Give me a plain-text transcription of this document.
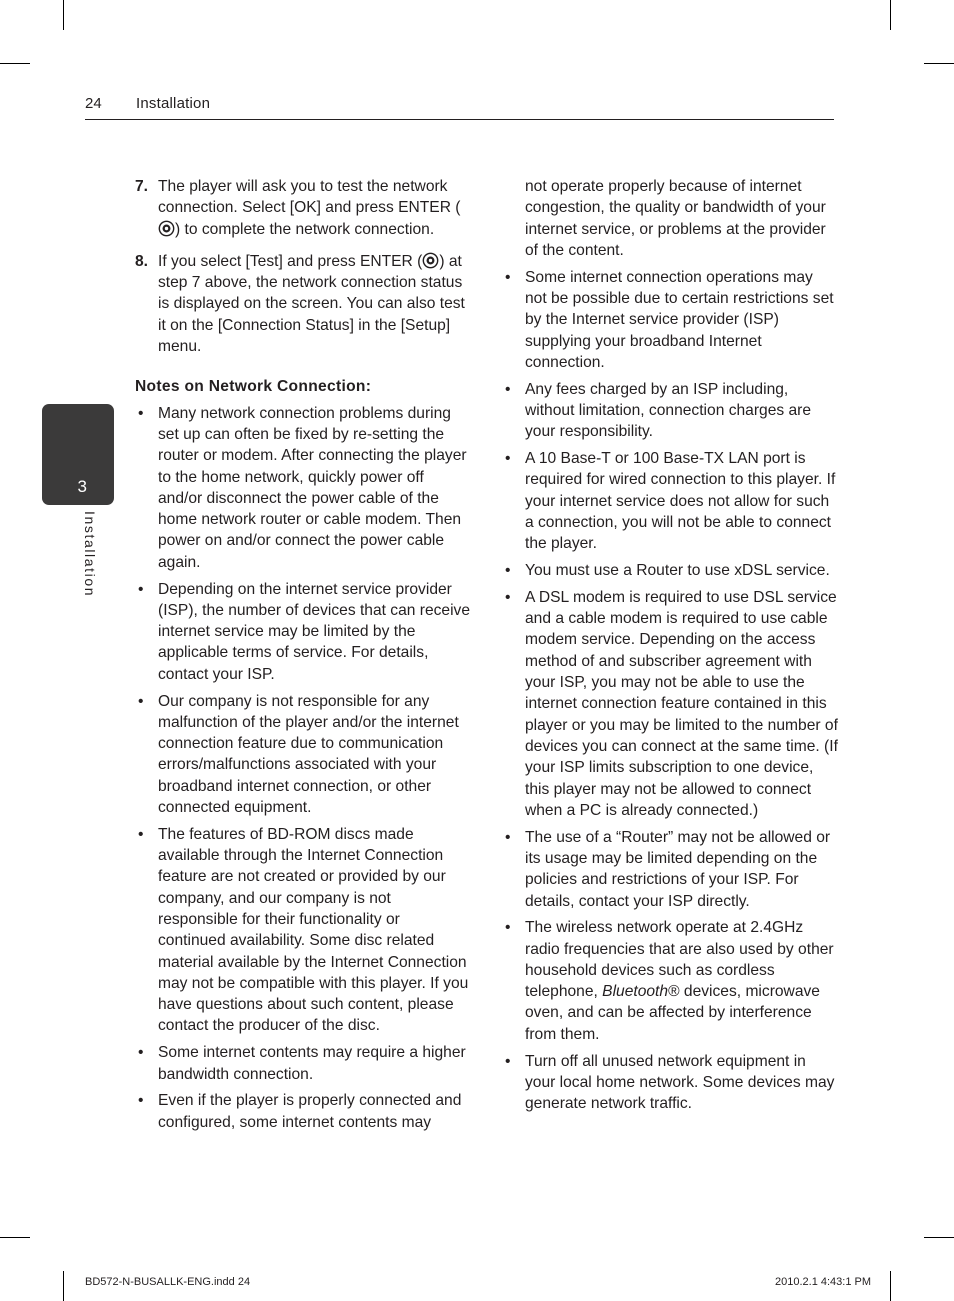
24 Installation
3
Installation
7. The player will ask you to test the network connection. Select [OK] and press ENTER () to complete the network connection.
8. If you select [Test] and press ENTER ( ) at step 7 above, the network connection status is displayed on the screen. You can also test it on the [Connection Status] in the [Setup] menu.
Notes on Network Connection:
• Many network connection problems during set up can often be fixed by re-setting the router or modem. After connecting the player to the home network, quickly power off and/or disconnect the power cable of the home network router or cable modem. Then power on and/or connect the power cable again.
• Depending on the internet service provider (ISP), the number of devices that can receive internet service may be limited by the applicable terms of service. For details, contact your ISP.
• Our company is not responsible for any malfunction of the player and/or the internet connection feature due to communication errors/malfunctions associated with your broadband internet connection, or other connected equipment.
• The features of BD-ROM discs made available through the Internet Connection feature are not created or provided by our company, and our company is not responsible for their functionality or continued availability. Some disc related material available by the Internet Connection may not be compatible with this player. If you have questions about such content, please contact the producer of the disc.
• Some internet contents may require a higher bandwidth connection.
• Even if the player is properly connected and configured, some internet contents may
not operate properly because of internet congestion, the quality or bandwidth of your internet service, or problems at the provider of the content.
• Some internet connection operations may not be possible due to certain restrictions set by the Internet service provider (ISP) supplying your broadband Internet connection.
• Any fees charged by an ISP including, without limitation, connection charges are your responsibility.
• A 10 Base-T or 100 Base-TX LAN port is required for wired connection to this player. If your internet service does not allow for such a connection, you will not be able to connect the player.
• You must use a Router to use xDSL service.
• A DSL modem is required to use DSL service and a cable modem is required to use cable modem service. Depending on the access method of and subscriber agreement with your ISP, you may not be able to use the internet connection feature contained in this player or you may be limited to the number of devices you can connect at the same time. (If your ISP limits subscription to one device, this player may not be allowed to connect when a PC is already connected.)
• The use of a “Router” may not be allowed or its usage may be limited depending on the policies and restrictions of your ISP. For details, contact your ISP directly.
• The wireless network operate at 2.4GHz radio frequencies that are also used by other household devices such as cordless telephone, Bluetooth® devices, microwave oven, and can be affected by interference from them.
• Turn off all unused network equipment in your local home network. Some devices may generate network traffic.
BD572-N-BUSALLK-ENG.indd 24	2010.2.1 4:43:1 PM
